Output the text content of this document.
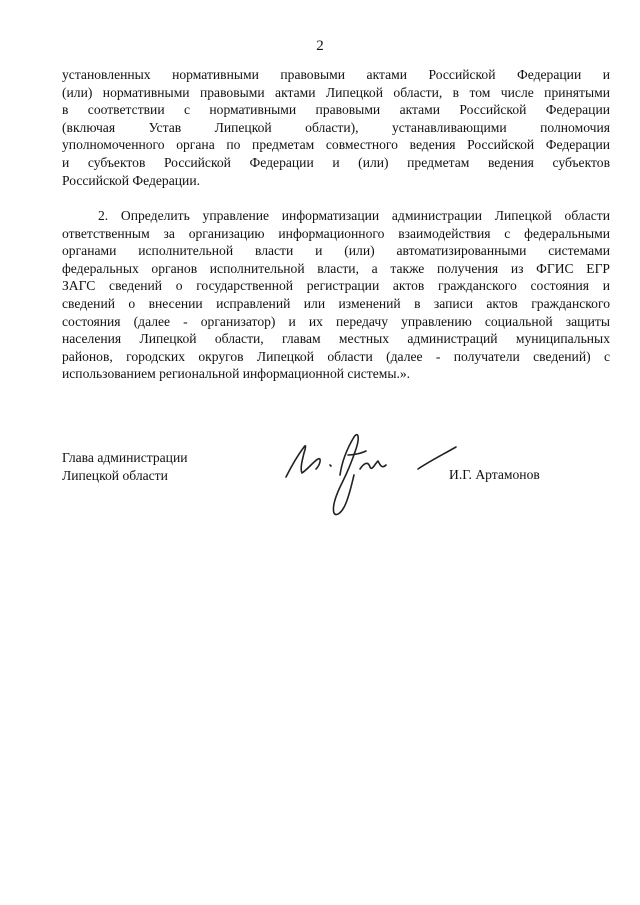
2
установленных нормативными правовыми актами Российской Федерации и
(или) нормативными правовыми актами Липецкой области, в том числе принятыми
в соответствии с нормативными правовыми актами Российской Федерации
(включая Устав Липецкой области), устанавливающими полномочия
уполномоченного органа по предметам совместного ведения Российской Федерации
и субъектов Российской Федерации и (или) предметам ведения субъектов
Российской Федерации.
2. Определить управление информатизации администрации Липецкой области
ответственным за организацию информационного взаимодействия с федеральными
органами исполнительной власти и (или) автоматизированными системами
федеральных органов исполнительной власти, а также получения из ФГИС ЕГР
ЗАГС сведений о государственной регистрации актов гражданского состояния и
сведений о внесении исправлений или изменений в записи актов гражданского
состояния (далее - организатор) и их передачу управлению социальной защиты
населения Липецкой области, главам местных администраций муниципальных
районов, городских округов Липецкой области (далее - получатели сведений) с
использованием региональной информационной системы.».
Глава администрации
Липецкой области	И.Г. Артамонов
